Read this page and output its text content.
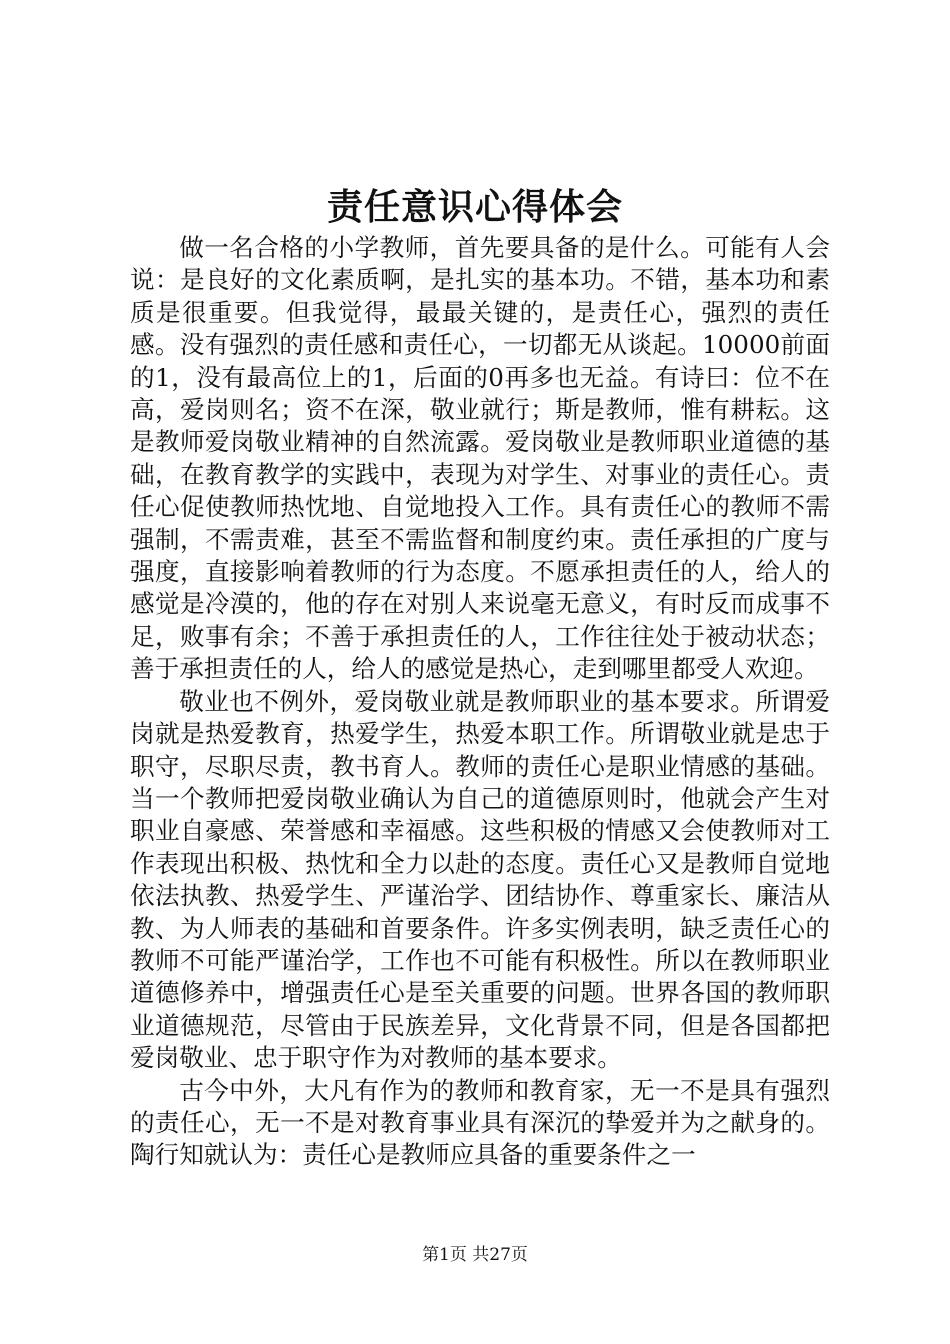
责任意识心得体会

做一名合格的小学教师，首先要具备的是什么。可能有人会说：是良好的文化素质啊，是扎实的基本功。不错，基本功和素质是很重要。但我觉得，最最关键的，是责任心，强烈的责任感。没有强烈的责任感和责任心，一切都无从谈起。10000前面的1，没有最高位上的1，后面的0再多也无益。有诗曰：位不在高，爱岗则名；资不在深，敬业就行；斯是教师，惟有耕耘。这是教师爱岗敬业精神的自然流露。爱岗敬业是教师职业道德的基础，在教育教学的实践中，表现为对学生、对事业的责任心。责任心促使教师热忱地、自觉地投入工作。具有责任心的教师不需强制，不需责难，甚至不需监督和制度约束。责任承担的广度与强度，直接影响着教师的行为态度。不愿承担责任的人，给人的感觉是冷漠的，他的存在对别人来说毫无意义，有时反而成事不足，败事有余；不善于承担责任的人，工作往往处于被动状态；善于承担责任的人，给人的感觉是热心，走到哪里都受人欢迎。

敬业也不例外，爱岗敬业就是教师职业的基本要求。所谓爱岗就是热爱教育，热爱学生，热爱本职工作。所谓敬业就是忠于职守，尽职尽责，教书育人。教师的责任心是职业情感的基础。当一个教师把爱岗敬业确认为自己的道德原则时，他就会产生对职业自豪感、荣誉感和幸福感。这些积极的情感又会使教师对工作表现出积极、热忱和全力以赴的态度。责任心又是教师自觉地依法执教、热爱学生、严谨治学、团结协作、尊重家长、廉洁从教、为人师表的基础和首要条件。许多实例表明，缺乏责任心的教师不可能严谨治学，工作也不可能有积极性。所以在教师职业道德修养中，增强责任心是至关重要的问题。世界各国的教师职业道德规范，尽管由于民族差异，文化背景不同，但是各国都把爱岗敬业、忠于职守作为对教师的基本要求。

古今中外，大凡有作为的教师和教育家，无一不是具有强烈的责任心，无一不是对教育事业具有深沉的挚爱并为之献身的。陶行知就认为：责任心是教师应具备的重要条件之一

第1页 共27页
